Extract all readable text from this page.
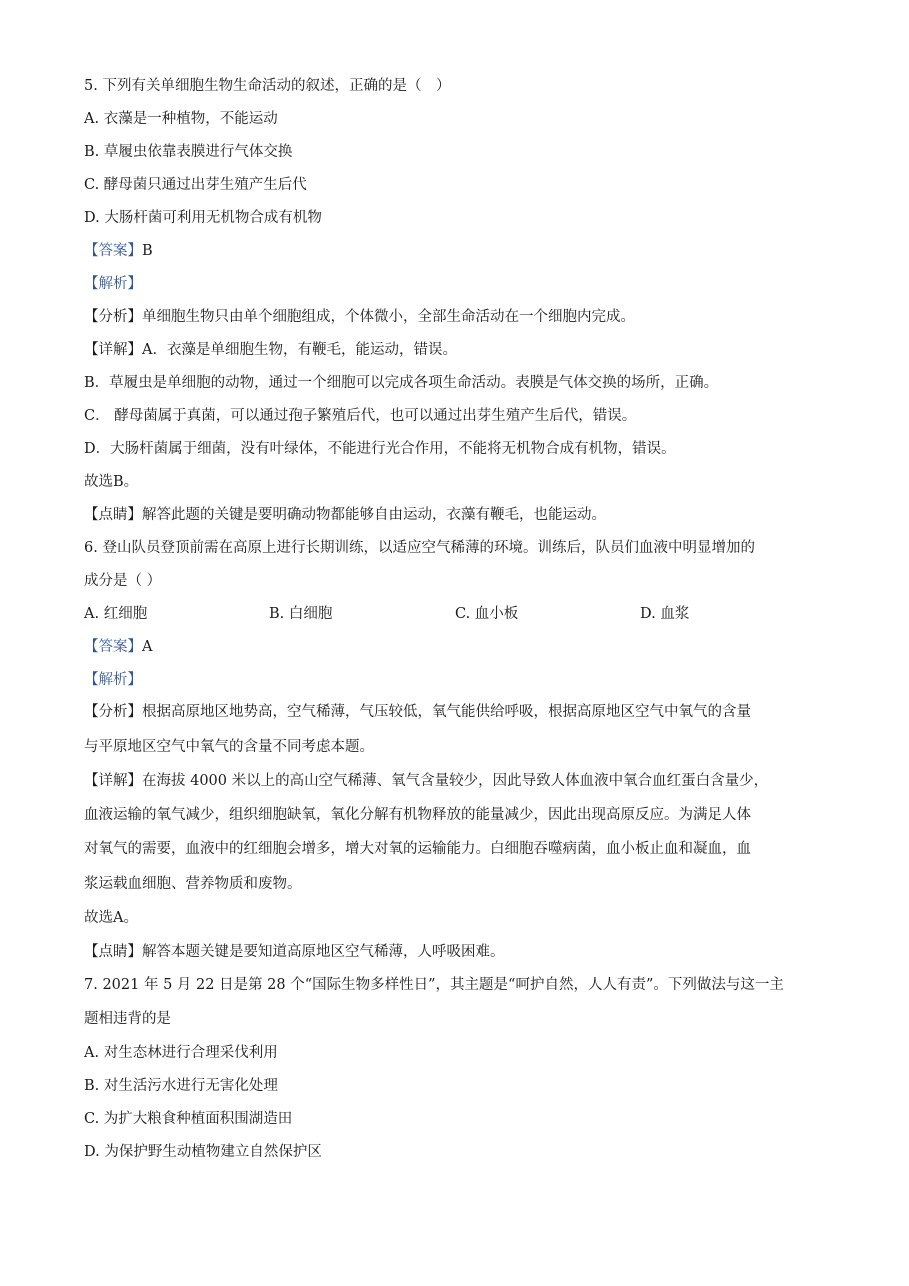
5. 下列有关单细胞生物生命活动的叙述，正确的是（　）
A. 衣藻是一种植物，不能运动
B. 草履虫依靠表膜进行气体交换
C. 酵母菌只通过出芽生殖产生后代
D. 大肠杆菌可利用无机物合成有机物
【答案】B
【解析】
【分析】单细胞生物只由单个细胞组成，个体微小，全部生命活动在一个细胞内完成。
【详解】A．衣藻是单细胞生物，有鞭毛，能运动，错误。
B．草履虫是单细胞的动物，通过一个细胞可以完成各项生命活动。表膜是气体交换的场所，正确。
C． 酵母菌属于真菌，可以通过孢子繁殖后代，也可以通过出芽生殖产生后代，错误。
D．大肠杆菌属于细菌，没有叶绿体，不能进行光合作用，不能将无机物合成有机物，错误。
故选B。
【点睛】解答此题的关键是要明确动物都能够自由运动，衣藻有鞭毛，也能运动。
6. 登山队员登顶前需在高原上进行长期训练，以适应空气稀薄的环境。训练后，队员们血液中明显增加的
成分是（ ）
A. 红细胞	B. 白细胞	C. 血小板	D. 血浆
【答案】A
【解析】
【分析】根据高原地区地势高，空气稀薄，气压较低，氧气能供给呼吸，根据高原地区空气中氧气的含量
与平原地区空气中氧气的含量不同考虑本题。
【详解】在海拔 4000 米以上的高山空气稀薄、氧气含量较少，因此导致人体血液中氧合血红蛋白含量少，
血液运输的氧气减少，组织细胞缺氧，氧化分解有机物释放的能量减少，因此出现高原反应。为满足人体
对氧气的需要，血液中的红细胞会增多，增大对氧的运输能力。白细胞吞噬病菌，血小板止血和凝血，血
浆运载血细胞、营养物质和废物。
故选A。
【点睛】解答本题关键是要知道高原地区空气稀薄，人呼吸困难。
7. 2021 年 5 月 22 日是第 28 个“国际生物多样性日”，其主题是“呵护自然，人人有责”。下列做法与这一主
题相违背的是
A. 对生态林进行合理采伐利用
B. 对生活污水进行无害化处理
C. 为扩大粮食种植面积围湖造田
D. 为保护野生动植物建立自然保护区
